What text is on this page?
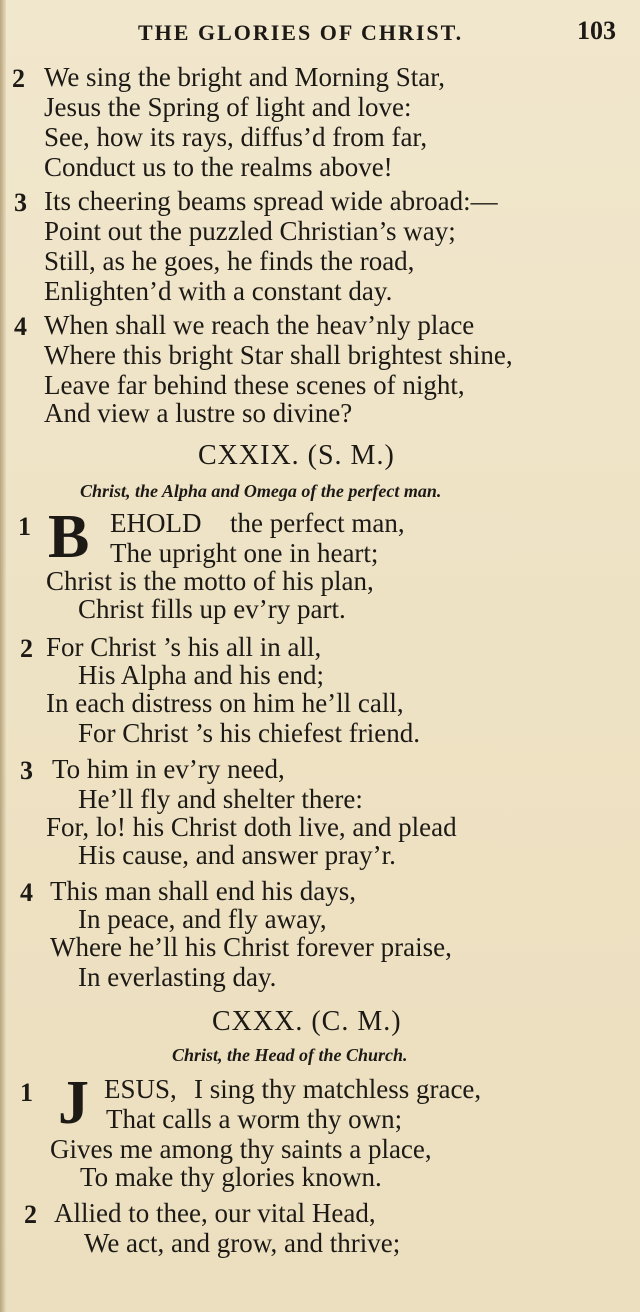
THE GLORIES OF CHRIST.	103
2 We sing the bright and Morning Star,
Jesus the Spring of light and love:
See, how its rays, diffus’d from far,
Conduct us to the realms above!
3 Its cheering beams spread wide abroad:—
Point out the puzzled Christian’s way;
Still, as he goes, he finds the road,
Enlighten’d with a constant day.
4 When shall we reach the heav’nly place
Where this bright Star shall brightest shine,
Leave far behind these scenes of night,
And view a lustre so divine?
CXXIX. (S. M.)
Christ, the Alpha and Omega of the perfect man.
1 B EHOLD the perfect man,
The upright one in heart;
Christ is the motto of his plan,
Christ fills up ev’ry part.
2 For Christ ’s his all in all,
His Alpha and his end;
In each distress on him he’ll call,
For Christ ’s his chiefest friend.
3 To him in ev’ry need,
He’ll fly and shelter there:
For, lo! his Christ doth live, and plead
His cause, and answer pray’r.
4 This man shall end his days,
In peace, and fly away,
Where he’ll his Christ forever praise,
In everlasting day.
CXXX. (C. M.)
Christ, the Head of the Church.
1 J ESUS, I sing thy matchless grace,
That calls a worm thy own;
Gives me among thy saints a place,
To make thy glories known.
2 Allied to thee, our vital Head,
We act, and grow, and thrive;
